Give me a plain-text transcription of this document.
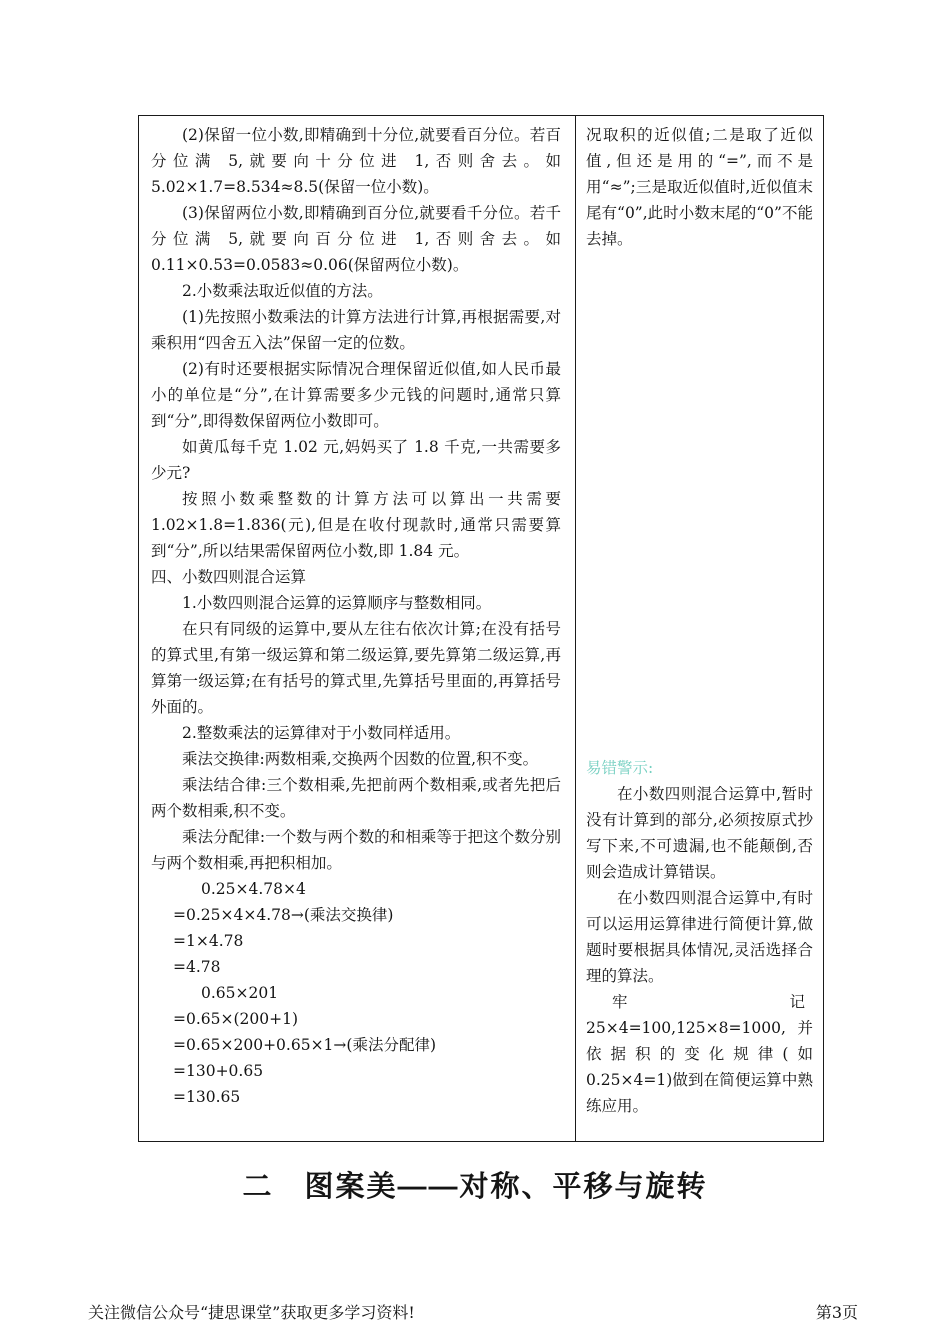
(2)保留一位小数,即精确到十分位,就要看百分位。若百分位满 5,就要向十分位进 1,否则舍去。如 5.02×1.7=8.534≈8.5(保留一位小数)。

(3)保留两位小数,即精确到百分位,就要看千分位。若千分位满 5,就要向百分位进 1,否则舍去。如 0.11×0.53=0.0583≈0.06(保留两位小数)。

2.小数乘法取近似值的方法。

(1)先按照小数乘法的计算方法进行计算,再根据需要,对乘积用“四舍五入法”保留一定的位数。

(2)有时还要根据实际情况合理保留近似值,如人民币最小的单位是“分”,在计算需要多少元钱的问题时,通常只算到“分”,即得数保留两位小数即可。

如黄瓜每千克 1.02 元,妈妈买了 1.8 千克,一共需要多少元?

按照小数乘整数的计算方法可以算出一共需要 1.02×1.8=1.836(元),但是在收付现款时,通常只需要算到“分”,所以结果需保留两位小数,即 1.84 元。

四、小数四则混合运算

1.小数四则混合运算的运算顺序与整数相同。

在只有同级的运算中,要从左往右依次计算;在没有括号的算式里,有第一级运算和第二级运算,要先算第二级运算,再算第一级运算;在有括号的算式里,先算括号里面的,再算括号外面的。

2.整数乘法的运算律对于小数同样适用。

乘法交换律:两数相乘,交换两个因数的位置,积不变。

乘法结合律:三个数相乘,先把前两个数相乘,或者先把后两个数相乘,积不变。

乘法分配律:一个数与两个数的和相乘等于把这个数分别与两个数相乘,再把积相加。

0.25×4.78×4

=0.25×4×4.78→(乘法交换律)

=1×4.78

=4.78

0.65×201

=0.65×(200+1)

=0.65×200+0.65×1→(乘法分配律)

=130+0.65

=130.65

况取积的近似值;二是取了近似值,但还是用的“=”,而不是用“≈”;三是取近似值时,近似值末尾有“0”,此时小数末尾的“0”不能去掉。

易错警示:

在小数四则混合运算中,暂时没有计算到的部分,必须按原式抄写下来,不可遗漏,也不能颠倒,否则会造成计算错误。

在小数四则混合运算中,有时可以运用运算律进行简便计算,做题时要根据具体情况,灵活选择合理的算法。

牢	记

25×4=100,125×8=1000,并依据积的变化规律(如 0.25×4=1)做到在简便运算中熟练应用。

二　图案美——对称、平移与旋转
关注微信公众号“捷思课堂”获取更多学习资料!	第3页
